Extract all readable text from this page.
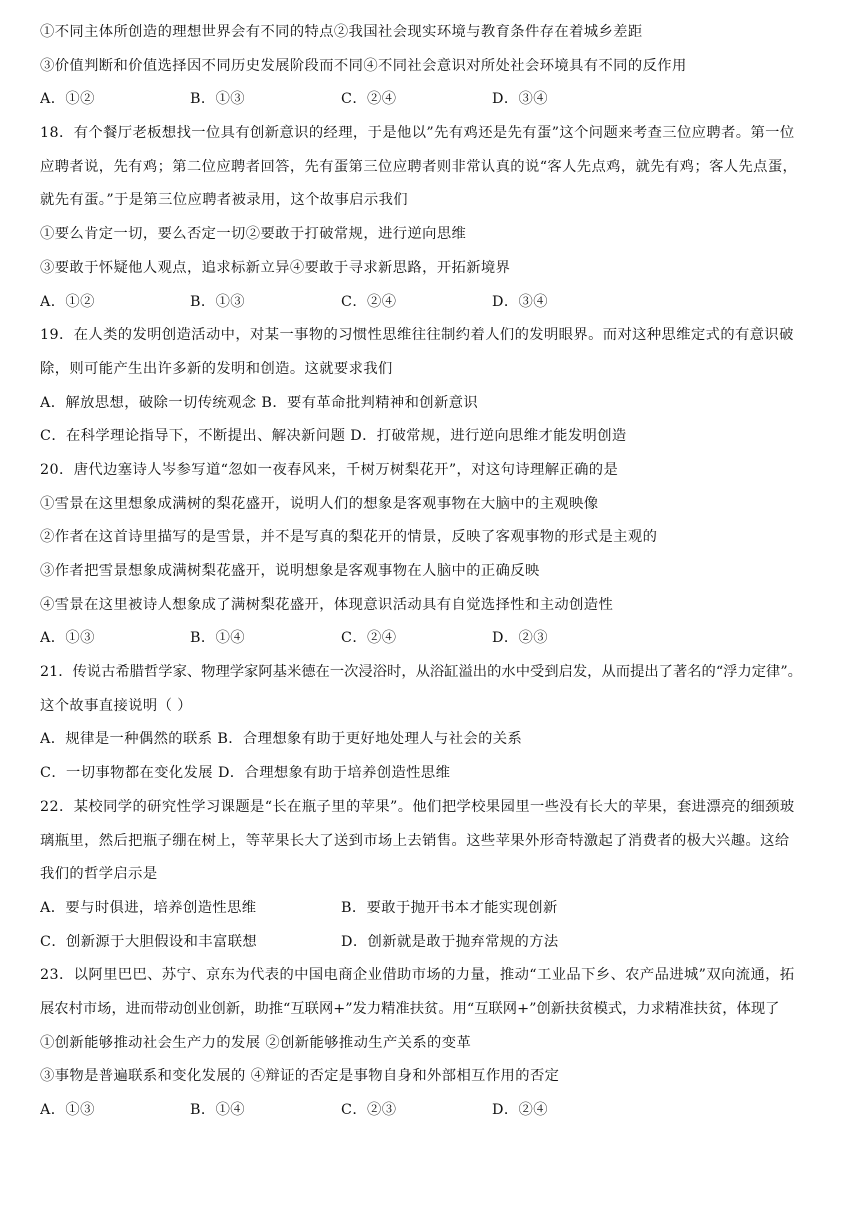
①不同主体所创造的理想世界会有不同的特点②我国社会现实环境与教育条件存在着城乡差距
③价值判断和价值选择因不同历史发展阶段而不同④不同社会意识对所处社会环境具有不同的反作用
A．①②	B．①③	C．②④	D．③④
18．有个餐厅老板想找一位具有创新意识的经理，于是他以”先有鸡还是先有蛋”这个问题来考查三位应聘者。第一位
应聘者说，先有鸡；第二位应聘者回答，先有蛋第三位应聘者则非常认真的说“客人先点鸡，就先有鸡；客人先点蛋，
就先有蛋。”于是第三位应聘者被录用，这个故事启示我们
①要么肯定一切，要么否定一切②要敢于打破常规，进行逆向思维
③要敢于怀疑他人观点，追求标新立异④要敢于寻求新思路，开拓新境界
A．①②	B．①③	C．②④	D．③④
19．在人类的发明创造活动中，对某一事物的习惯性思维往往制约着人们的发明眼界。而对这种思维定式的有意识破
除，则可能产生出许多新的发明和创造。这就要求我们
A．解放思想，破除一切传统观念 B．要有革命批判精神和创新意识
C．在科学理论指导下，不断提出、解决新问题 D．打破常规，进行逆向思维才能发明创造
20．唐代边塞诗人岑参写道“忽如一夜春风来，千树万树梨花开”，对这句诗理解正确的是
①雪景在这里想象成满树的梨花盛开，说明人们的想象是客观事物在大脑中的主观映像
②作者在这首诗里描写的是雪景，并不是写真的梨花开的情景，反映了客观事物的形式是主观的
③作者把雪景想象成满树梨花盛开，说明想象是客观事物在人脑中的正确反映
④雪景在这里被诗人想象成了满树梨花盛开，体现意识活动具有自觉选择性和主动创造性
A．①③	B．①④	C．②④	D．②③
21．传说古希腊哲学家、物理学家阿基米德在一次浸浴时，从浴缸溢出的水中受到启发，从而提出了著名的“浮力定律”。
这个故事直接说明（ ）
A．规律是一种偶然的联系 B．合理想象有助于更好地处理人与社会的关系
C．一切事物都在变化发展 D．合理想象有助于培养创造性思维
22．某校同学的研究性学习课题是“长在瓶子里的苹果”。他们把学校果园里一些没有长大的苹果，套进漂亮的细颈玻
璃瓶里，然后把瓶子绷在树上，等苹果长大了送到市场上去销售。这些苹果外形奇特激起了消费者的极大兴趣。这给
我们的哲学启示是
A．要与时俱进，培养创造性思维	B．要敢于抛开书本才能实现创新
C．创新源于大胆假设和丰富联想	D．创新就是敢于抛弃常规的方法
23．以阿里巴巴、苏宁、京东为代表的中国电商企业借助市场的力量，推动“工业品下乡、农产品进城”双向流通，拓
展农村市场，进而带动创业创新，助推“互联网+”发力精准扶贫。用“互联网+”创新扶贫模式，力求精准扶贫，体现了
①创新能够推动社会生产力的发展 ②创新能够推动生产关系的变革
③事物是普遍联系和变化发展的 ④辩证的否定是事物自身和外部相互作用的否定
A．①③	B．①④	C．②③	D．②④
